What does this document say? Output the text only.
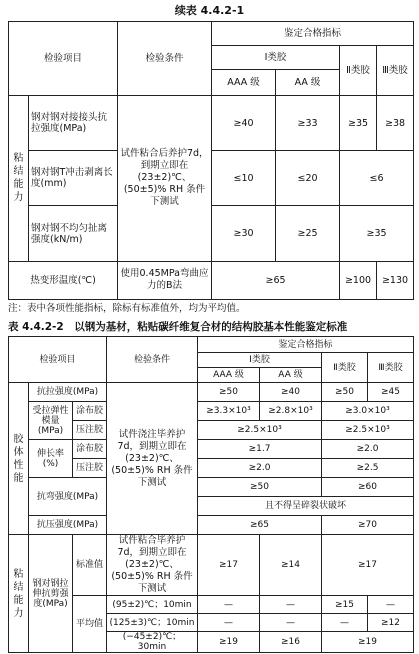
续表 4.4.2-1
检验项目		检验条件	鉴定合格指标			
			Ⅰ类胶		Ⅱ类胶	Ⅲ类胶
			AAA 级	AA 级		

粘
结
能
力	钢对钢对接接头抗拉强度(MPa)	试件粘合后养护7d，到期立即在(23±2)℃、(50±5)% RH 条件下测试	≥40	≥33	≥35	≥38
	钢对钢T冲击剥离长度(mm)		≤10	≤20	≤6	
	钢对钢不均匀扯离强度(kN/m)		≥30	≥25	≥35	
热变形温度(℃)		使用0.45MPa弯曲应力的B法	≥65		≥100	≥130
注：表中各项性能指标，除标有标准值外，均为平均值。
表 4.4.2-2　以钢为基材，粘贴碳纤维复合材的结构胶基本性能鉴定标准
检验项目			检验条件	鉴定合格指标			
				Ⅰ类胶		Ⅱ类胶	Ⅲ类胶
				AAA 级	AA 级		

胶
体
性
能	抗拉强度(MPa)		试件浇注毕养护7d，到期立即在(23±2)℃、(50±5)% RH 条件下测试	≥50	≥40	≥50	≥45
	受拉弹性模量(MPa)	涂布胶		≥3.3×10³	≥2.8×10³	≥3.0×10³	
		压注胶		≥2.5×10³		≥2.5×10³	
	伸长率(%)	涂布胶		≥1.7		≥2.0	
		压注胶		≥2.0		≥2.5	
	抗弯强度(MPa)			≥50		≥60	
				且不得呈碎裂状破坏			
	抗压强度(MPa)			≥65		≥70	

粘
结
能
力	钢对钢拉伸抗剪强度(MPa)	标准值	试件粘合毕养护7d，到期立即在(23±2)℃、(50±5)% RH 条件下测试	≥17	≥14	≥17	
		平均值	(95±2)℃；10min	—	—	≥15	—
			(125±3)℃；10min	—	—	—	≥12
			(−45±2)℃；30min	≥19	≥16	≥19	
